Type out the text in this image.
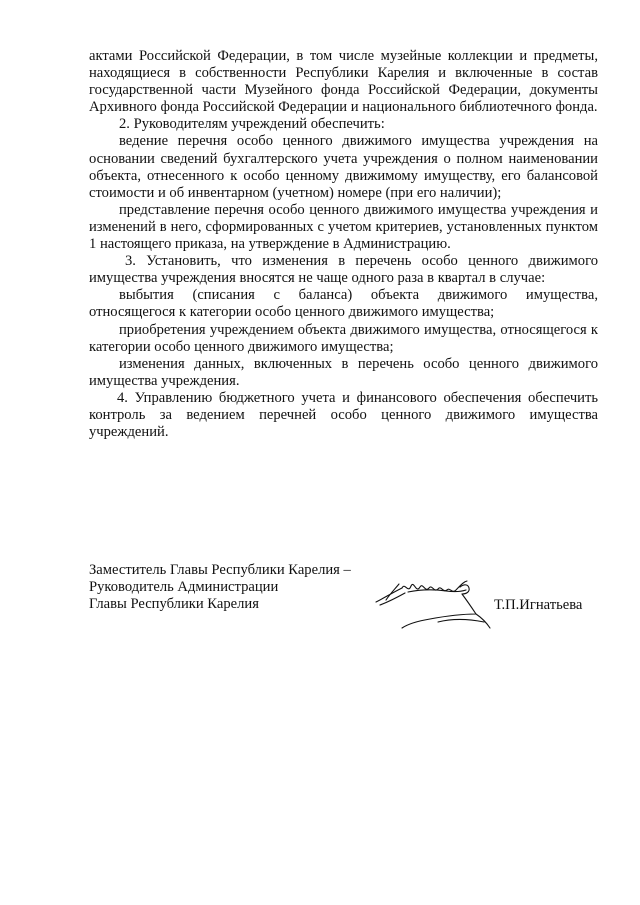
актами Российской Федерации, в том числе музейные коллекции и предметы, находящиеся в собственности Республики Карелия и включенные в состав государственной части Музейного фонда Российской Федерации, документы Архивного фонда Российской Федерации и национального библиотечного фонда.

2. Руководителям учреждений обеспечить:

ведение перечня особо ценного движимого имущества учреждения на основании сведений бухгалтерского учета учреждения о полном наименовании объекта, отнесенного к особо ценному движимому имуществу, его балансовой стоимости и об инвентарном (учетном) номере (при его наличии);

представление перечня особо ценного движимого имущества учреждения и изменений в него, сформированных с учетом критериев, установленных пунктом 1 настоящего приказа, на утверждение в Администрацию.

3. Установить, что изменения в перечень особо ценного движимого имущества учреждения вносятся не чаще одного раза в квартал в случае:

выбытия (списания с баланса) объекта движимого имущества, относящегося к категории особо ценного движимого имущества;

приобретения учреждением объекта движимого имущества, относящегося к категории особо ценного движимого имущества;

изменения данных, включенных в перечень особо ценного движимого имущества учреждения.

4. Управлению бюджетного учета и финансового обеспечения обеспечить контроль за ведением перечней особо ценного движимого имущества учреждений.

Заместитель Главы Республики Карелия –
Руководитель Администрации
Главы Республики Карелия	Т.П.Игнатьева
